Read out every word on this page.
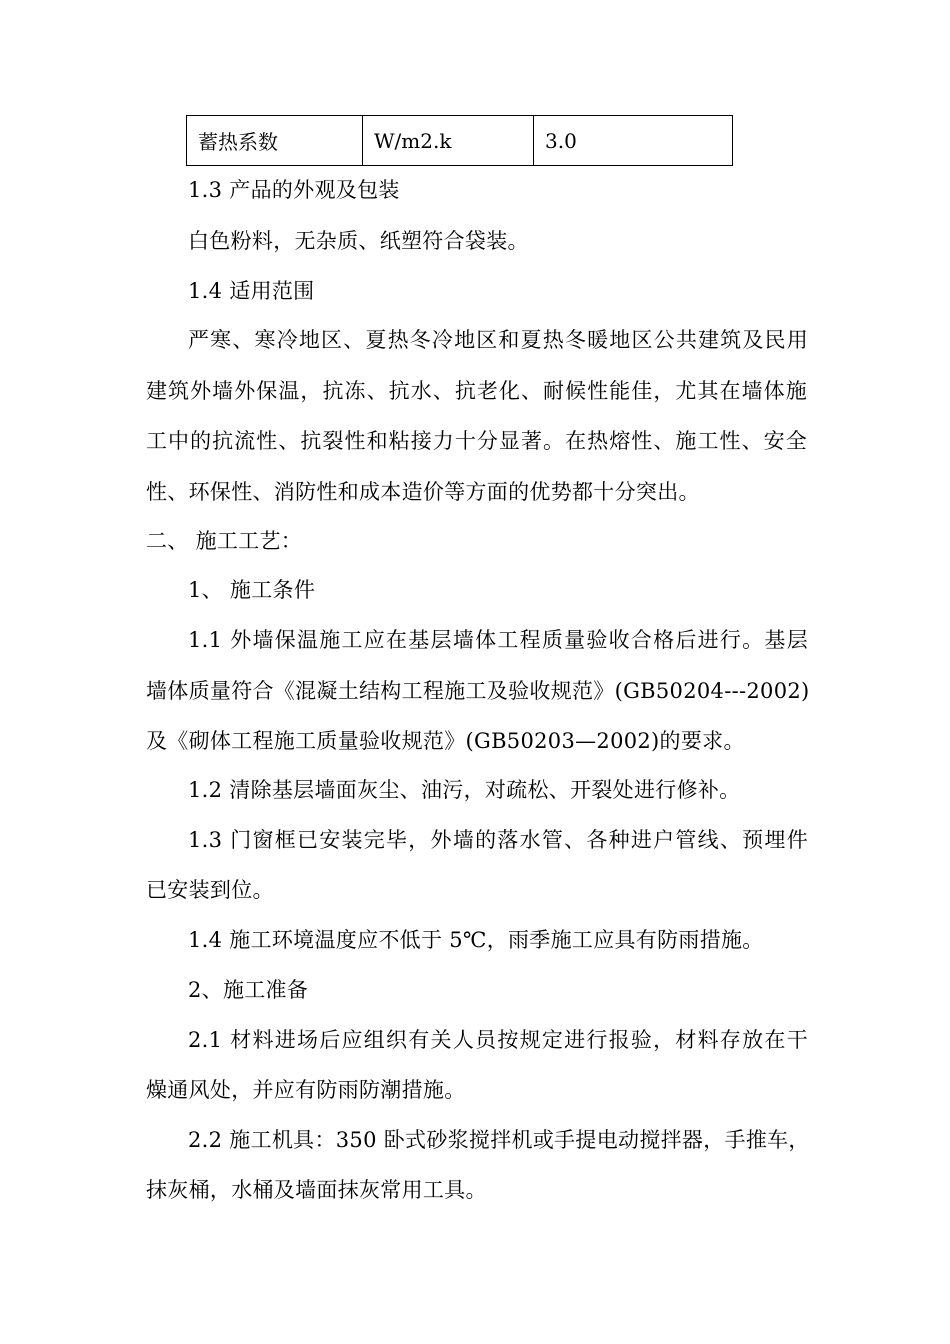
蓄热系数	W/m2.k	3.0
1.3 产品的外观及包装
白色粉料，无杂质、纸塑符合袋装。
1.4 适用范围
严寒、寒冷地区、夏热冬冷地区和夏热冬暖地区公共建筑及民用
建筑外墙外保温，抗冻、抗水、抗老化、耐候性能佳，尤其在墙体施
工中的抗流性、抗裂性和粘接力十分显著。在热熔性、施工性、安全
性、环保性、消防性和成本造价等方面的优势都十分突出。
二、 施工工艺：
1、 施工条件
1.1 外墙保温施工应在基层墙体工程质量验收合格后进行。基层
墙体质量符合《混凝土结构工程施工及验收规范》(GB50204---2002)
及《砌体工程施工质量验收规范》(GB50203—2002)的要求。
1.2 清除基层墙面灰尘、油污，对疏松、开裂处进行修补。
1.3 门窗框已安装完毕，外墙的落水管、各种进户管线、预埋件
已安装到位。
1.4 施工环境温度应不低于 5℃，雨季施工应具有防雨措施。
2、施工准备
2.1 材料进场后应组织有关人员按规定进行报验，材料存放在干
燥通风处，并应有防雨防潮措施。
2.2 施工机具：350 卧式砂浆搅拌机或手提电动搅拌器，手推车，
抹灰桶，水桶及墙面抹灰常用工具。
